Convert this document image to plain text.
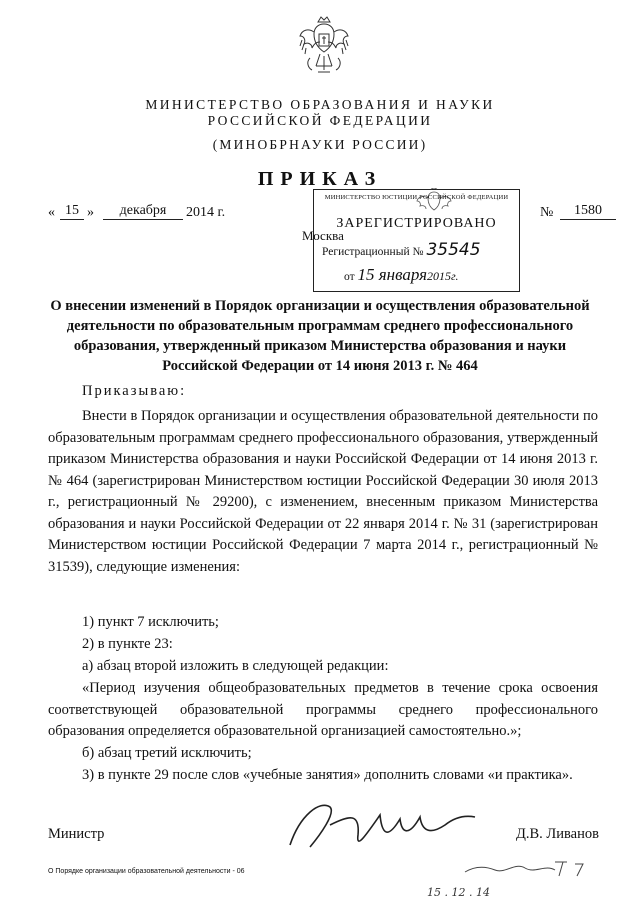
МИНИСТЕРСТВО ОБРАЗОВАНИЯ И НАУКИ
РОССИЙСКОЙ ФЕДЕРАЦИИ
(МИНОБРНАУКИ РОССИИ)
ПРИКАЗ
« 15 »	декабря	2014 г.	№	1580
Москва
МИНИСТЕРСТВО ЮСТИЦИИ РОССИЙСКОЙ ФЕДЕРАЦИИ
ЗАРЕГИСТРИРОВАНО
Регистрационный № 35545
от 15 января2015г.
О внесении изменений в Порядок организации и осуществления образовательной деятельности по образовательным программам среднего профессионального образования, утвержденный приказом Министерства образования и науки Российской Федерации от 14 июня 2013 г. № 464
Приказываю:
Внести в Порядок организации и осуществления образовательной деятельности по образовательным программам среднего профессионального образования, утвержденный приказом Министерства образования и науки Российской Федерации от 14 июня 2013 г. № 464 (зарегистрирован Министерством юстиции Российской Федерации 30 июля 2013 г., регистрационный № 29200), с изменением, внесенным приказом Министерства образования и науки Российской Федерации от 22 января 2014 г. № 31 (зарегистрирован Министерством юстиции Российской Федерации 7 марта 2014 г., регистрационный № 31539), следующие изменения:
1) пункт 7 исключить;
2) в пункте 23:
а) абзац второй изложить в следующей редакции:
«Период изучения общеобразовательных предметов в течение срока освоения соответствующей образовательной программы среднего профессионального образования определяется образовательной организацией самостоятельно.»;
б) абзац третий исключить;
3) в пункте 29 после слов «учебные занятия» дополнить словами «и практика».
Министр	Д.В. Ливанов
О Порядке организации образовательной деятельности - 06
15 . 12 . 14
